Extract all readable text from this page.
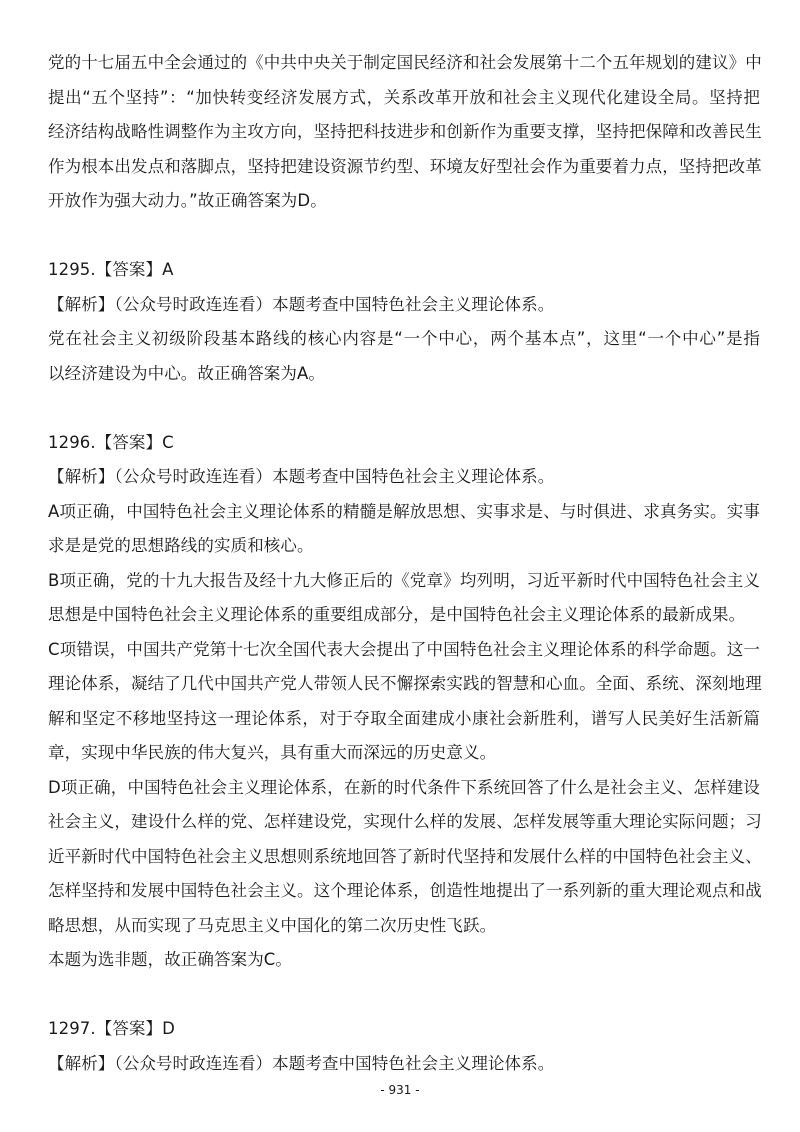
党的十七届五中全会通过的《中共中央关于制定国民经济和社会发展第十二个五年规划的建议》中
提出“五个坚持”：“加快转变经济发展方式，关系改革开放和社会主义现代化建设全局。坚持把
经济结构战略性调整作为主攻方向，坚持把科技进步和创新作为重要支撑，坚持把保障和改善民生
作为根本出发点和落脚点，坚持把建设资源节约型、环境友好型社会作为重要着力点，坚持把改革
开放作为强大动力。”故正确答案为D。
1295.【答案】A
【解析】（公众号时政连连看）本题考查中国特色社会主义理论体系。
党在社会主义初级阶段基本路线的核心内容是“一个中心，两个基本点”，这里“一个中心”是指
以经济建设为中心。故正确答案为A。
1296.【答案】C
【解析】（公众号时政连连看）本题考查中国特色社会主义理论体系。
A项正确，中国特色社会主义理论体系的精髓是解放思想、实事求是、与时俱进、求真务实。实事
求是是党的思想路线的实质和核心。
B项正确，党的十九大报告及经十九大修正后的《党章》均列明，习近平新时代中国特色社会主义
思想是中国特色社会主义理论体系的重要组成部分，是中国特色社会主义理论体系的最新成果。
C项错误，中国共产党第十七次全国代表大会提出了中国特色社会主义理论体系的科学命题。这一
理论体系，凝结了几代中国共产党人带领人民不懈探索实践的智慧和心血。全面、系统、深刻地理
解和坚定不移地坚持这一理论体系，对于夺取全面建成小康社会新胜利，谱写人民美好生活新篇
章，实现中华民族的伟大复兴，具有重大而深远的历史意义。
D项正确，中国特色社会主义理论体系，在新的时代条件下系统回答了什么是社会主义、怎样建设
社会主义，建设什么样的党、怎样建设党，实现什么样的发展、怎样发展等重大理论实际问题；习
近平新时代中国特色社会主义思想则系统地回答了新时代坚持和发展什么样的中国特色社会主义、
怎样坚持和发展中国特色社会主义。这个理论体系，创造性地提出了一系列新的重大理论观点和战
略思想，从而实现了马克思主义中国化的第二次历史性飞跃。
本题为选非题，故正确答案为C。
1297.【答案】D
【解析】（公众号时政连连看）本题考查中国特色社会主义理论体系。
- 931 -
